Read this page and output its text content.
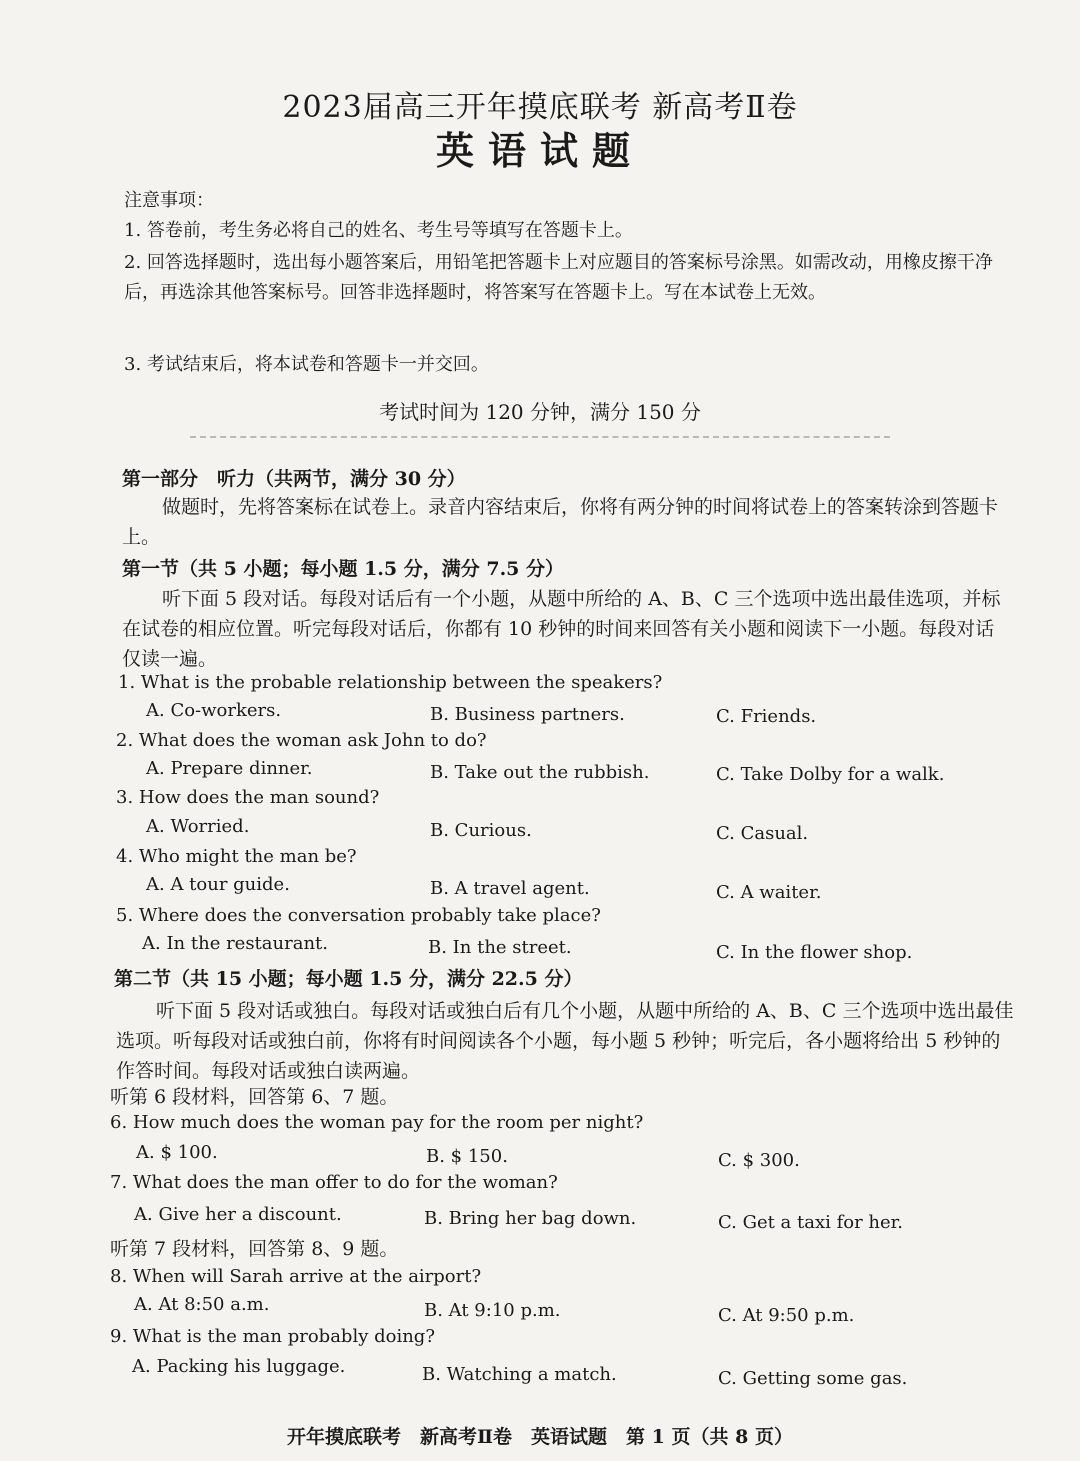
2023届高三开年摸底联考 新高考Ⅱ卷
英语试题
注意事项：
1. 答卷前，考生务必将自己的姓名、考生号等填写在答题卡上。
2. 回答选择题时，选出每小题答案后，用铅笔把答题卡上对应题目的答案标号涂黑。如需改动，用橡皮擦干净后，再选涂其他答案标号。回答非选择题时，将答案写在答题卡上。写在本试卷上无效。
3. 考试结束后，将本试卷和答题卡一并交回。
考试时间为 120 分钟，满分 150 分
第一部分　听力（共两节，满分 30 分）
做题时，先将答案标在试卷上。录音内容结束后，你将有两分钟的时间将试卷上的答案转涂到答题卡上。
第一节（共 5 小题；每小题 1.5 分，满分 7.5 分）
听下面 5 段对话。每段对话后有一个小题，从题中所给的 A、B、C 三个选项中选出最佳选项，并标在试卷的相应位置。听完每段对话后，你都有 10 秒钟的时间来回答有关小题和阅读下一小题。每段对话仅读一遍。
1. What is the probable relationship between the speakers?
A. Co-workers.	B. Business partners.	C. Friends.
2. What does the woman ask John to do?
A. Prepare dinner.	B. Take out the rubbish.	C. Take Dolby for a walk.
3. How does the man sound?
A. Worried.	B. Curious.	C. Casual.
4. Who might the man be?
A. A tour guide.	B. A travel agent.	C. A waiter.
5. Where does the conversation probably take place?
A. In the restaurant.	B. In the street.	C. In the flower shop.
第二节（共 15 小题；每小题 1.5 分，满分 22.5 分）
听下面 5 段对话或独白。每段对话或独白后有几个小题，从题中所给的 A、B、C 三个选项中选出最佳选项。听每段对话或独白前，你将有时间阅读各个小题，每小题 5 秒钟；听完后，各小题将给出 5 秒钟的作答时间。每段对话或独白读两遍。
听第 6 段材料，回答第 6、7 题。
6. How much does the woman pay for the room per night?
A. $ 100.	B. $ 150.	C. $ 300.
7. What does the man offer to do for the woman?
A. Give her a discount.	B. Bring her bag down.	C. Get a taxi for her.
听第 7 段材料，回答第 8、9 题。
8. When will Sarah arrive at the airport?
A. At 8:50 a.m.	B. At 9:10 p.m.	C. At 9:50 p.m.
9. What is the man probably doing?
A. Packing his luggage.	B. Watching a match.	C. Getting some gas.
开年摸底联考　新高考Ⅱ卷　英语试题　第 1 页（共 8 页）
